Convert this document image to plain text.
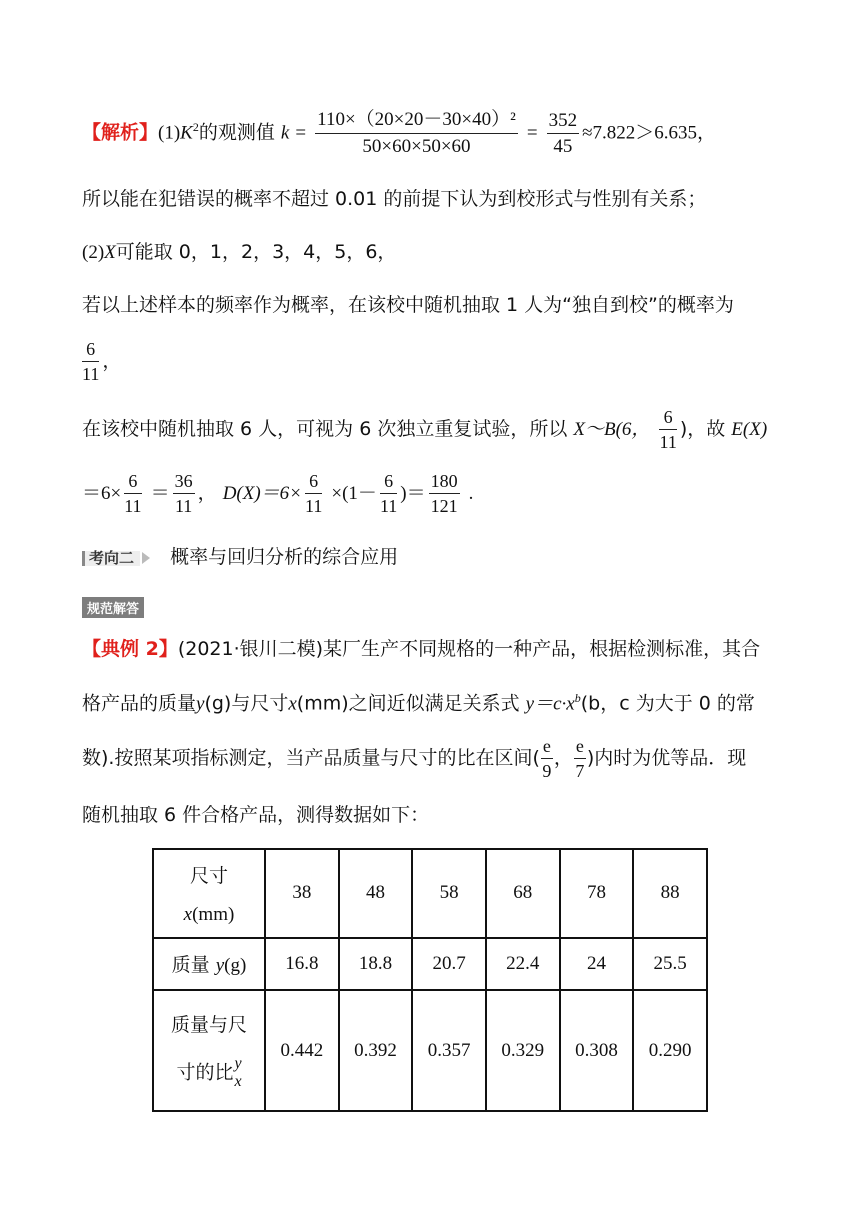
【解析】$(1)K^2$的观测值 $k = \frac{\text{110×（20×20－30×40）²}}{50\times 60\times 50\times 60} = \frac{352}{45} \approx 7.822>6.635$，
所以能在犯错误的概率不超过 0.01 的前提下认为到校形式与性别有关系；
(2)X可能取 0，1，2，3，4，5，6，
若以上述样本的频率作为概率，在该校中随机抽取 1 人为“独自到校”的概率为
$\frac{6}{11}$ ，
在该校中随机抽取 6 人，可视为 6 次独立重复试验，所以 X～B(6， $\frac{6}{11}$ )，故 E(X)
$=6\times \frac{6}{11} = \frac{36}{11}$ ， $D(X)=6\times \frac{6}{11} \times(1- \frac{6}{11}$ )＝ $\frac{180}{121}$ .
考向二 概率与回归分析的综合应用
规范解答
【典例 2】(2021·银川二模)某厂生产不同规格的一种产品，根据检测标准，其合
格产品的质量y(g)与尺寸x(mm)之间近似满足关系式 $y=c\cdot x^b(b$，c 为大于 0 的常
数).按照某项指标测定，当产品质量与尺寸的比在区间( $\frac{e}{9}$ ， $\frac{e}{7}$ )内时为优等品．现
随机抽取 6 件合格产品，测得数据如下：
尺寸
x(mm)	38	48	58	68	78	88
质量 y(g)	16.8	18.8	20.7	22.4	24	25.5

质量与尺
寸的比 y
x	0.442	0.392	0.357	0.329	0.308	0.290
